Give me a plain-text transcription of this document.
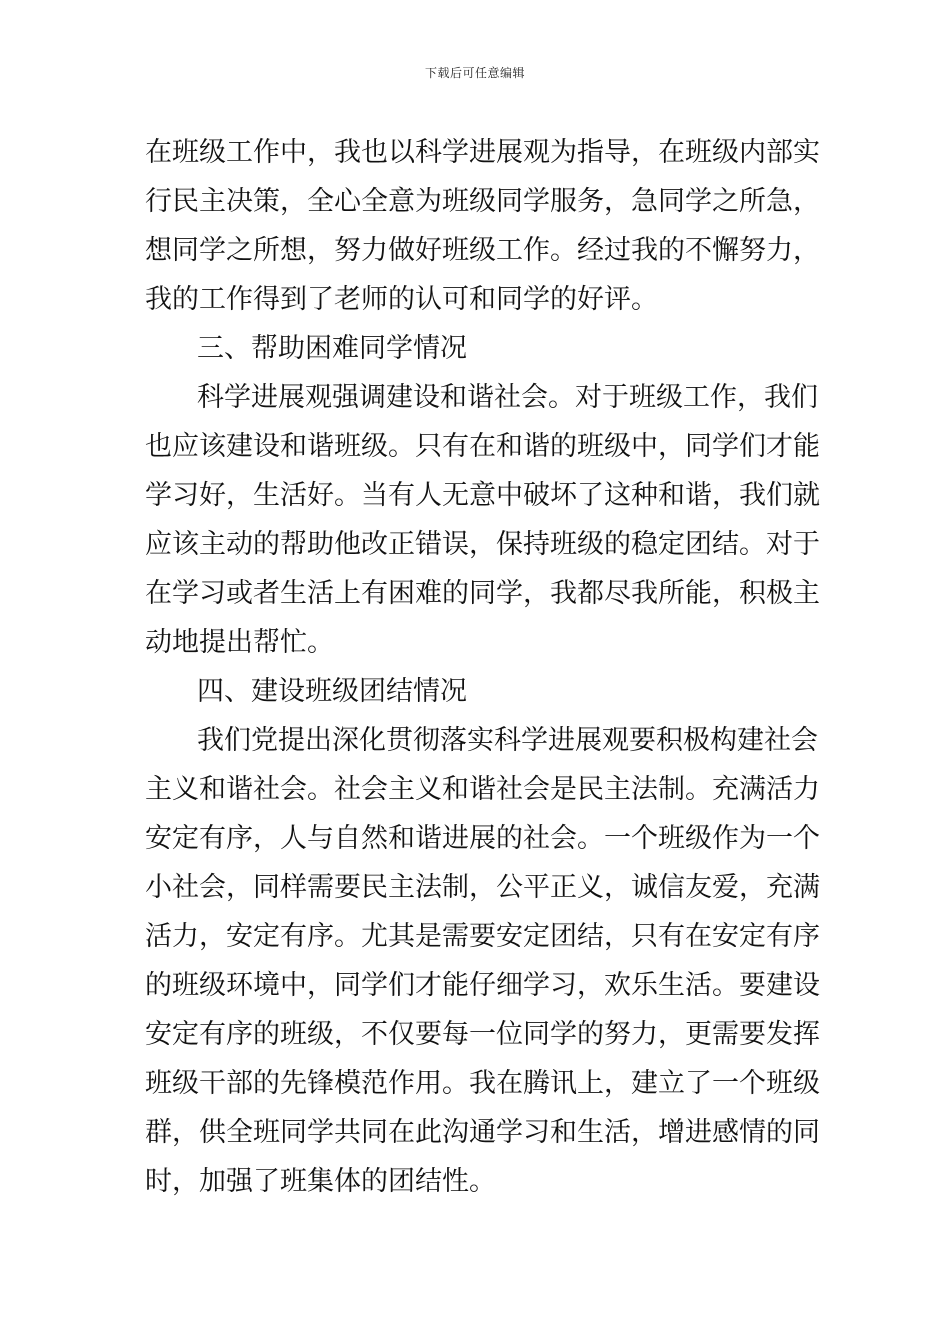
下载后可任意编辑
在班级工作中，我也以科学进展观为指导，在班级内部实
行民主决策，全心全意为班级同学服务，急同学之所急，
想同学之所想，努力做好班级工作。经过我的不懈努力，
我的工作得到了老师的认可和同学的好评。
三、帮助困难同学情况
科学进展观强调建设和谐社会。对于班级工作，我们
也应该建设和谐班级。只有在和谐的班级中，同学们才能
学习好，生活好。当有人无意中破坏了这种和谐，我们就
应该主动的帮助他改正错误，保持班级的稳定团结。对于
在学习或者生活上有困难的同学，我都尽我所能，积极主
动地提出帮忙。
四、建设班级团结情况
我们党提出深化贯彻落实科学进展观要积极构建社会
主义和谐社会。社会主义和谐社会是民主法制。充满活力
安定有序，人与自然和谐进展的社会。一个班级作为一个
小社会，同样需要民主法制，公平正义，诚信友爱，充满
活力，安定有序。尤其是需要安定团结，只有在安定有序
的班级环境中，同学们才能仔细学习，欢乐生活。要建设
安定有序的班级，不仅要每一位同学的努力，更需要发挥
班级干部的先锋模范作用。我在腾讯上，建立了一个班级
群，供全班同学共同在此沟通学习和生活，增进感情的同
时，加强了班集体的团结性。
